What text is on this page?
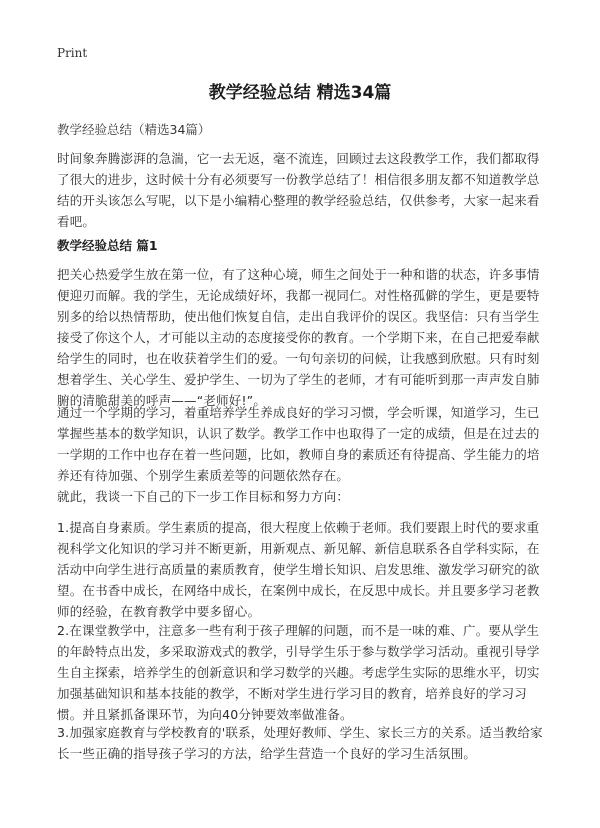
Print
教学经验总结 精选34篇
教学经验总结（精选34篇）
时间象奔腾澎湃的急湍，它一去无返，毫不流连，回顾过去这段教学工作，我们都取得了很大的进步，这时候十分有必须要写一份教学总结了！相信很多朋友都不知道教学总结的开头该怎么写呢，以下是小编精心整理的教学经验总结，仅供参考，大家一起来看看吧。
教学经验总结 篇1
把关心热爱学生放在第一位，有了这种心境，师生之间处于一种和谐的状态，许多事情便迎刃而解。我的学生，无论成绩好坏，我都一视同仁。对性格孤僻的学生，更是要特别多的给以热情帮助，使出他们恢复自信，走出自我评价的误区。我坚信：只有当学生接受了你这个人，才可能以主动的态度接受你的教育。一个学期下来，在自己把爱奉献给学生的同时，也在收获着学生们的爱。一句句亲切的问候，让我感到欣慰。只有时刻想着学生、关心学生、爱护学生、一切为了学生的老师，才有可能听到那一声声发自肺腑的清脆甜美的呼声——“老师好!”。
通过一个学期的学习，着重培养学生养成良好的学习习惯，学会听课，知道学习，生已掌握些基本的数学知识，认识了数学。教学工作中也取得了一定的成绩，但是在过去的一学期的工作中也存在着一些问题，比如，教师自身的素质还有待提高、学生能力的培养还有待加强、个别学生素质差等的问题依然存在。
就此，我谈一下自己的下一步工作目标和努力方向：
1.提高自身素质。学生素质的提高，很大程度上依赖于老师。我们要跟上时代的要求重视科学文化知识的学习并不断更新，用新观点、新见解、新信息联系各自学科实际，在活动中向学生进行高质量的素质教育，使学生增长知识、启发思维、激发学习研究的欲望。在书香中成长，在网络中成长，在案例中成长，在反思中成长。并且要多学习老教师的经验，在教育教学中要多留心。
2.在课堂教学中，注意多一些有利于孩子理解的问题，而不是一味的难、广。要从学生的年龄特点出发，多采取游戏式的教学，引导学生乐于参与数学学习活动。重视引导学生自主探索，培养学生的创新意识和学习数学的兴趣。考虑学生实际的思维水平，切实加强基础知识和基本技能的教学，不断对学生进行学习目的教育，培养良好的学习习惯。并且紧抓备课环节，为向40分钟要效率做准备。
3.加强家庭教育与学校教育的'联系，处理好教师、学生、家长三方的关系。适当教给家长一些正确的指导孩子学习的方法，给学生营造一个良好的学习生活氛围。
